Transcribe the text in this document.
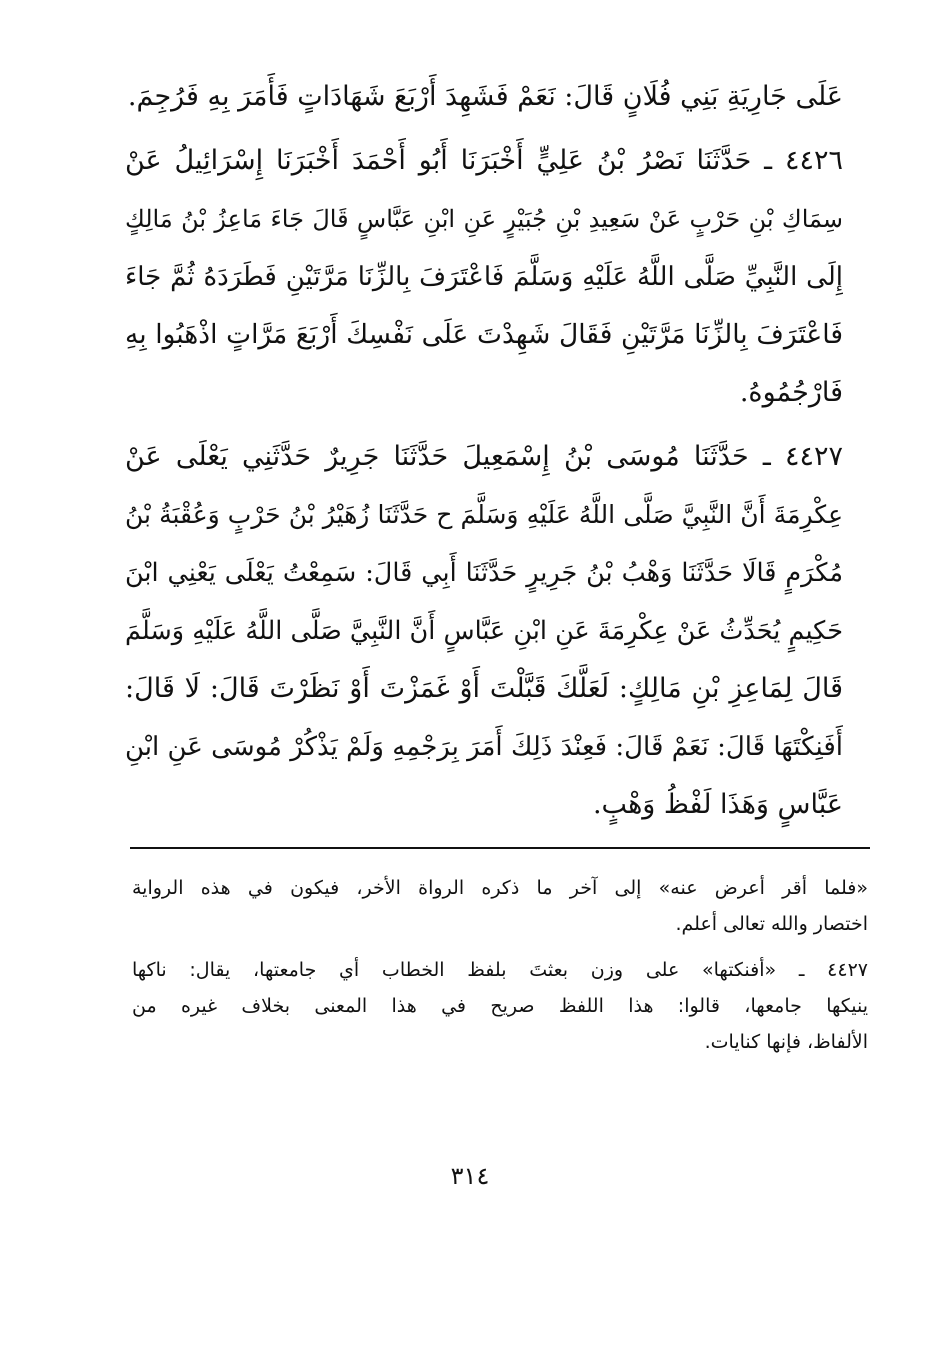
عَلَى جَارِيَةِ بَنِي فُلَانٍ قَالَ: نَعَمْ فَشَهِدَ أَرْبَعَ شَهَادَاتٍ فَأَمَرَ بِهِ فَرُجِمَ.
٤٤٢٦ ـ حَدَّثَنَا نَصْرُ بْنُ عَلِيٍّ أَخْبَرَنَا أَبُو أَحْمَدَ أَخْبَرَنَا إِسْرَائِيلُ عَنْ
سِمَاكِ بْنِ حَرْبٍ عَنْ سَعِيدِ بْنِ جُبَيْرٍ عَنِ ابْنِ عَبَّاسٍ قَالَ جَاءَ مَاعِزُ بْنُ مَالِكٍ
إِلَى النَّبِيِّ صَلَّى اللَّهُ عَلَيْهِ وَسَلَّمَ فَاعْتَرَفَ بِالزِّنَا مَرَّتَيْنِ فَطَرَدَهُ ثُمَّ جَاءَ
فَاعْتَرَفَ بِالزِّنَا مَرَّتَيْنِ فَقَالَ شَهِدْتَ عَلَى نَفْسِكَ أَرْبَعَ مَرَّاتٍ اذْهَبُوا بِهِ
فَارْجُمُوهُ.
٤٤٢٧ ـ حَدَّثَنَا مُوسَى بْنُ إِسْمَعِيلَ حَدَّثَنَا جَرِيرٌ حَدَّثَنِي يَعْلَى عَنْ
عِكْرِمَةَ أَنَّ النَّبِيَّ صَلَّى اللَّهُ عَلَيْهِ وَسَلَّمَ ح حَدَّثَنَا زُهَيْرُ بْنُ حَرْبٍ وَعُقْبَةُ بْنُ
مُكْرَمٍ قَالَا حَدَّثَنَا وَهْبُ بْنُ جَرِيرٍ حَدَّثَنَا أَبِي قَالَ: سَمِعْتُ يَعْلَى يَعْنِي ابْنَ
حَكِيمٍ يُحَدِّثُ عَنْ عِكْرِمَةَ عَنِ ابْنِ عَبَّاسٍ أَنَّ النَّبِيَّ صَلَّى اللَّهُ عَلَيْهِ وَسَلَّمَ
قَالَ لِمَاعِزِ بْنِ مَالِكٍ: لَعَلَّكَ قَبَّلْتَ أَوْ غَمَزْتَ أَوْ نَظَرْتَ قَالَ: لَا قَالَ:
أَفَنِكْتَهَا قَالَ: نَعَمْ قَالَ: فَعِنْدَ ذَلِكَ أَمَرَ بِرَجْمِهِ وَلَمْ يَذْكُرْ مُوسَى عَنِ ابْنِ
عَبَّاسٍ وَهَذَا لَفْظُ وَهْبٍ.
«فلما أقر أعرض عنه» إلى آخر ما ذكره الرواة الأخر، فيكون في هذه الرواية
اختصار والله تعالى أعلم.
٤٤٢٧ ـ «أفنكتها» على وزن بعثتَ بلفظ الخطاب أي جامعتها، يقال: ناكها
ينيكها جامعها، قالوا: هذا اللفظ صريح في هذا المعنى بخلاف غيره من
الألفاظ، فإنها كنايات.
٣١٤
